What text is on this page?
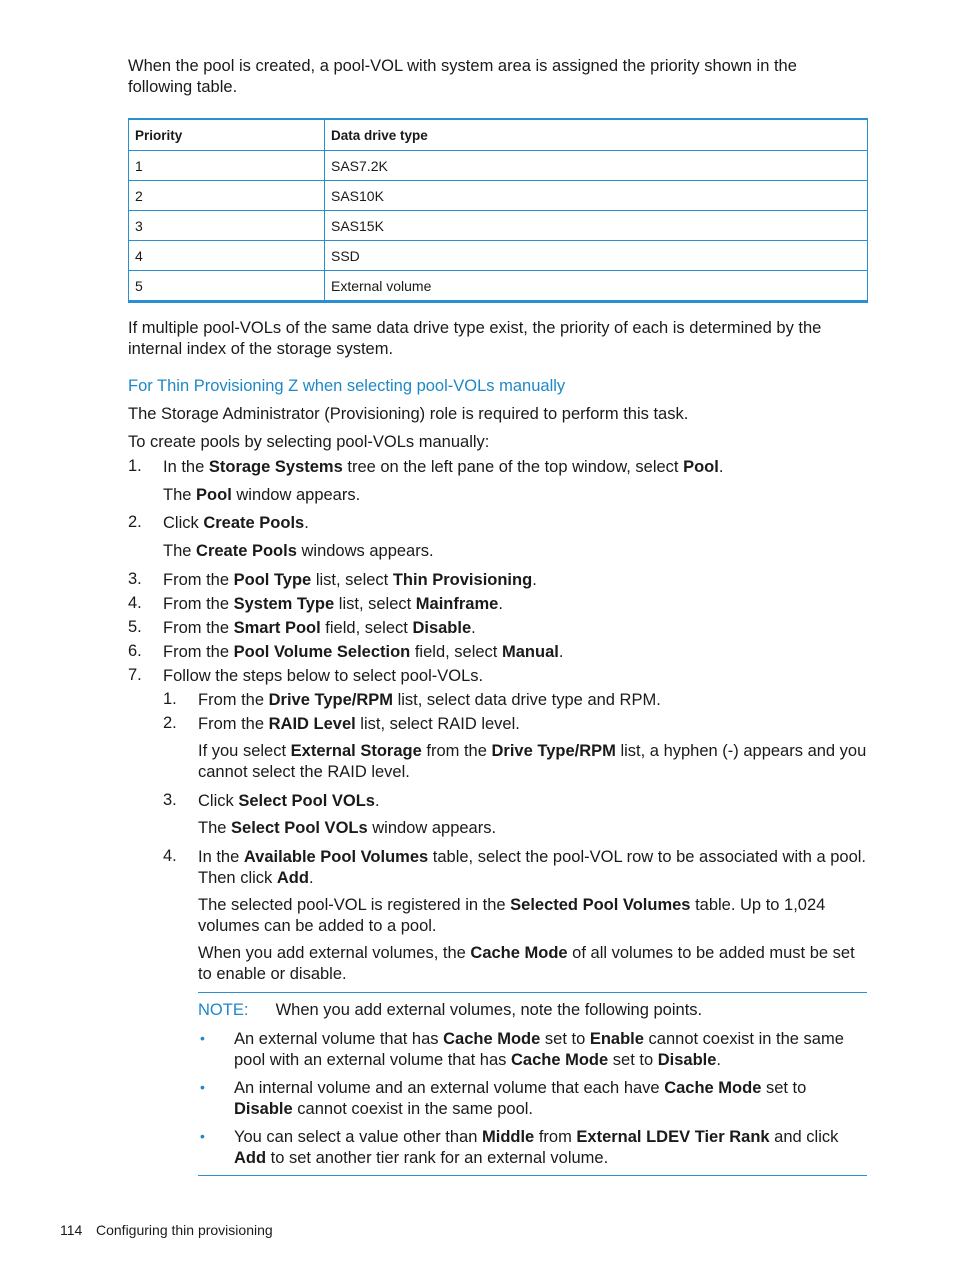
When the pool is created, a pool-VOL with system area is assigned the priority shown in the following table.
Priority	Data drive type
1	SAS7.2K
2	SAS10K
3	SAS15K
4	SSD
5	External volume
If multiple pool-VOLs of the same data drive type exist, the priority of each is determined by the internal index of the storage system.
For Thin Provisioning Z when selecting pool-VOLs manually
The Storage Administrator (Provisioning) role is required to perform this task.
To create pools by selecting pool-VOLs manually:
1. In the Storage Systems tree on the left pane of the top window, select Pool.
The Pool window appears.
2. Click Create Pools.
The Create Pools windows appears.
3. From the Pool Type list, select Thin Provisioning.
4. From the System Type list, select Mainframe.
5. From the Smart Pool field, select Disable.
6. From the Pool Volume Selection field, select Manual.
7. Follow the steps below to select pool-VOLs.
1. From the Drive Type/RPM list, select data drive type and RPM.
2. From the RAID Level list, select RAID level.
If you select External Storage from the Drive Type/RPM list, a hyphen (-) appears and you cannot select the RAID level.
3. Click Select Pool VOLs.
The Select Pool VOLs window appears.
4. In the Available Pool Volumes table, select the pool-VOL row to be associated with a pool. Then click Add.
The selected pool-VOL is registered in the Selected Pool Volumes table. Up to 1,024 volumes can be added to a pool.
When you add external volumes, the Cache Mode of all volumes to be added must be set to enable or disable.
NOTE: When you add external volumes, note the following points.
• An external volume that has Cache Mode set to Enable cannot coexist in the same pool with an external volume that has Cache Mode set to Disable.
• An internal volume and an external volume that each have Cache Mode set to Disable cannot coexist in the same pool.
• You can select a value other than Middle from External LDEV Tier Rank and click Add to set another tier rank for an external volume.
114 Configuring thin provisioning
